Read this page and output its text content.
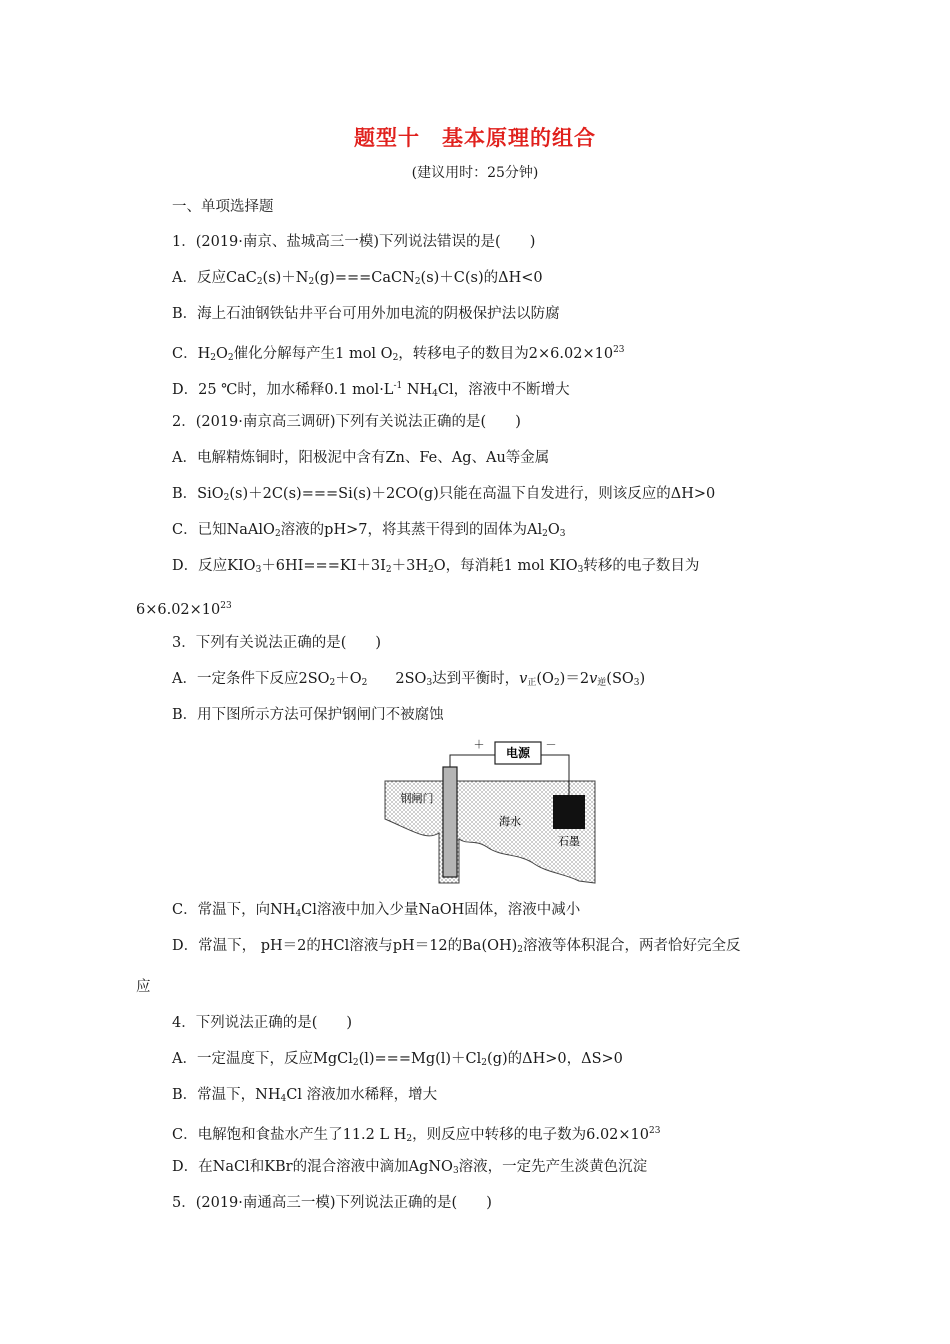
题型十　基本原理的组合
(建议用时：25分钟)
一、单项选择题
1．(2019·南京、盐城高三一模)下列说法错误的是(　　)
A．反应$CaC_2(s)+N_2(g)===CaCN_2(s)+C(s)$的ΔH<0
B．海上石油钢铁钻井平台可用外加电流的阴极保护法以防腐
C．$H_2O_2$催化分解每产生1 mol $O_2$，转移电子的数目为$2\times 6.02\times 10^{23}$
D．25 ℃时，加水稀释0.1 $mol\cdot L^{-1}$ $NH_4Cl$，溶液中不断增大
2．(2019·南京高三调研)下列有关说法正确的是(　　)
A．电解精炼铜时，阳极泥中含有Zn、Fe、Ag、Au等金属
B．SiO$_2$(s)＋2C(s)===Si(s)＋2CO(g)只能在高温下自发进行，则该反应的ΔH>0
C．已知NaAlO$_2$溶液的pH>7，将其蒸干得到的固体为$Al_2O_3$
D．反应$KIO_3+6HI===KI+3I_2+3H_2O$，每消耗1 mol $KIO_3$转移的电子数目为
$6\times 6.02\times 10^{23}$
3．下列有关说法正确的是(　　)
A．一定条件下反应$2SO_2+O_2$ $2SO_3$达到平衡时，$v_正(O_2)=2v_逆(SO_3)$
B．用下图所示方法可保护钢闸门不被腐蚀
电源
＋	－
钢闸门
海水
石墨
C．常温下，向$NH_4Cl$溶液中加入少量NaOH固体，溶液中减小
D．常温下， pH＝2的HCl溶液与pH＝12的$Ba(OH)_2$溶液等体积混合，两者恰好完全反
应
4．下列说法正确的是(　　)
A．一定温度下，反应$MgCl_2(l)===Mg(l)+Cl_2(g)$的ΔH>0，ΔS>0
B．常温下，$NH_4Cl$ 溶液加水稀释，增大
C．电解饱和食盐水产生了11.2 L $H_2$，则反应中转移的电子数为$6.02\times 10^{23}$
D．在NaCl和KBr的混合溶液中滴加AgNO$_3$溶液，一定先产生淡黄色沉淀
5．(2019·南通高三一模)下列说法正确的是(　　)
